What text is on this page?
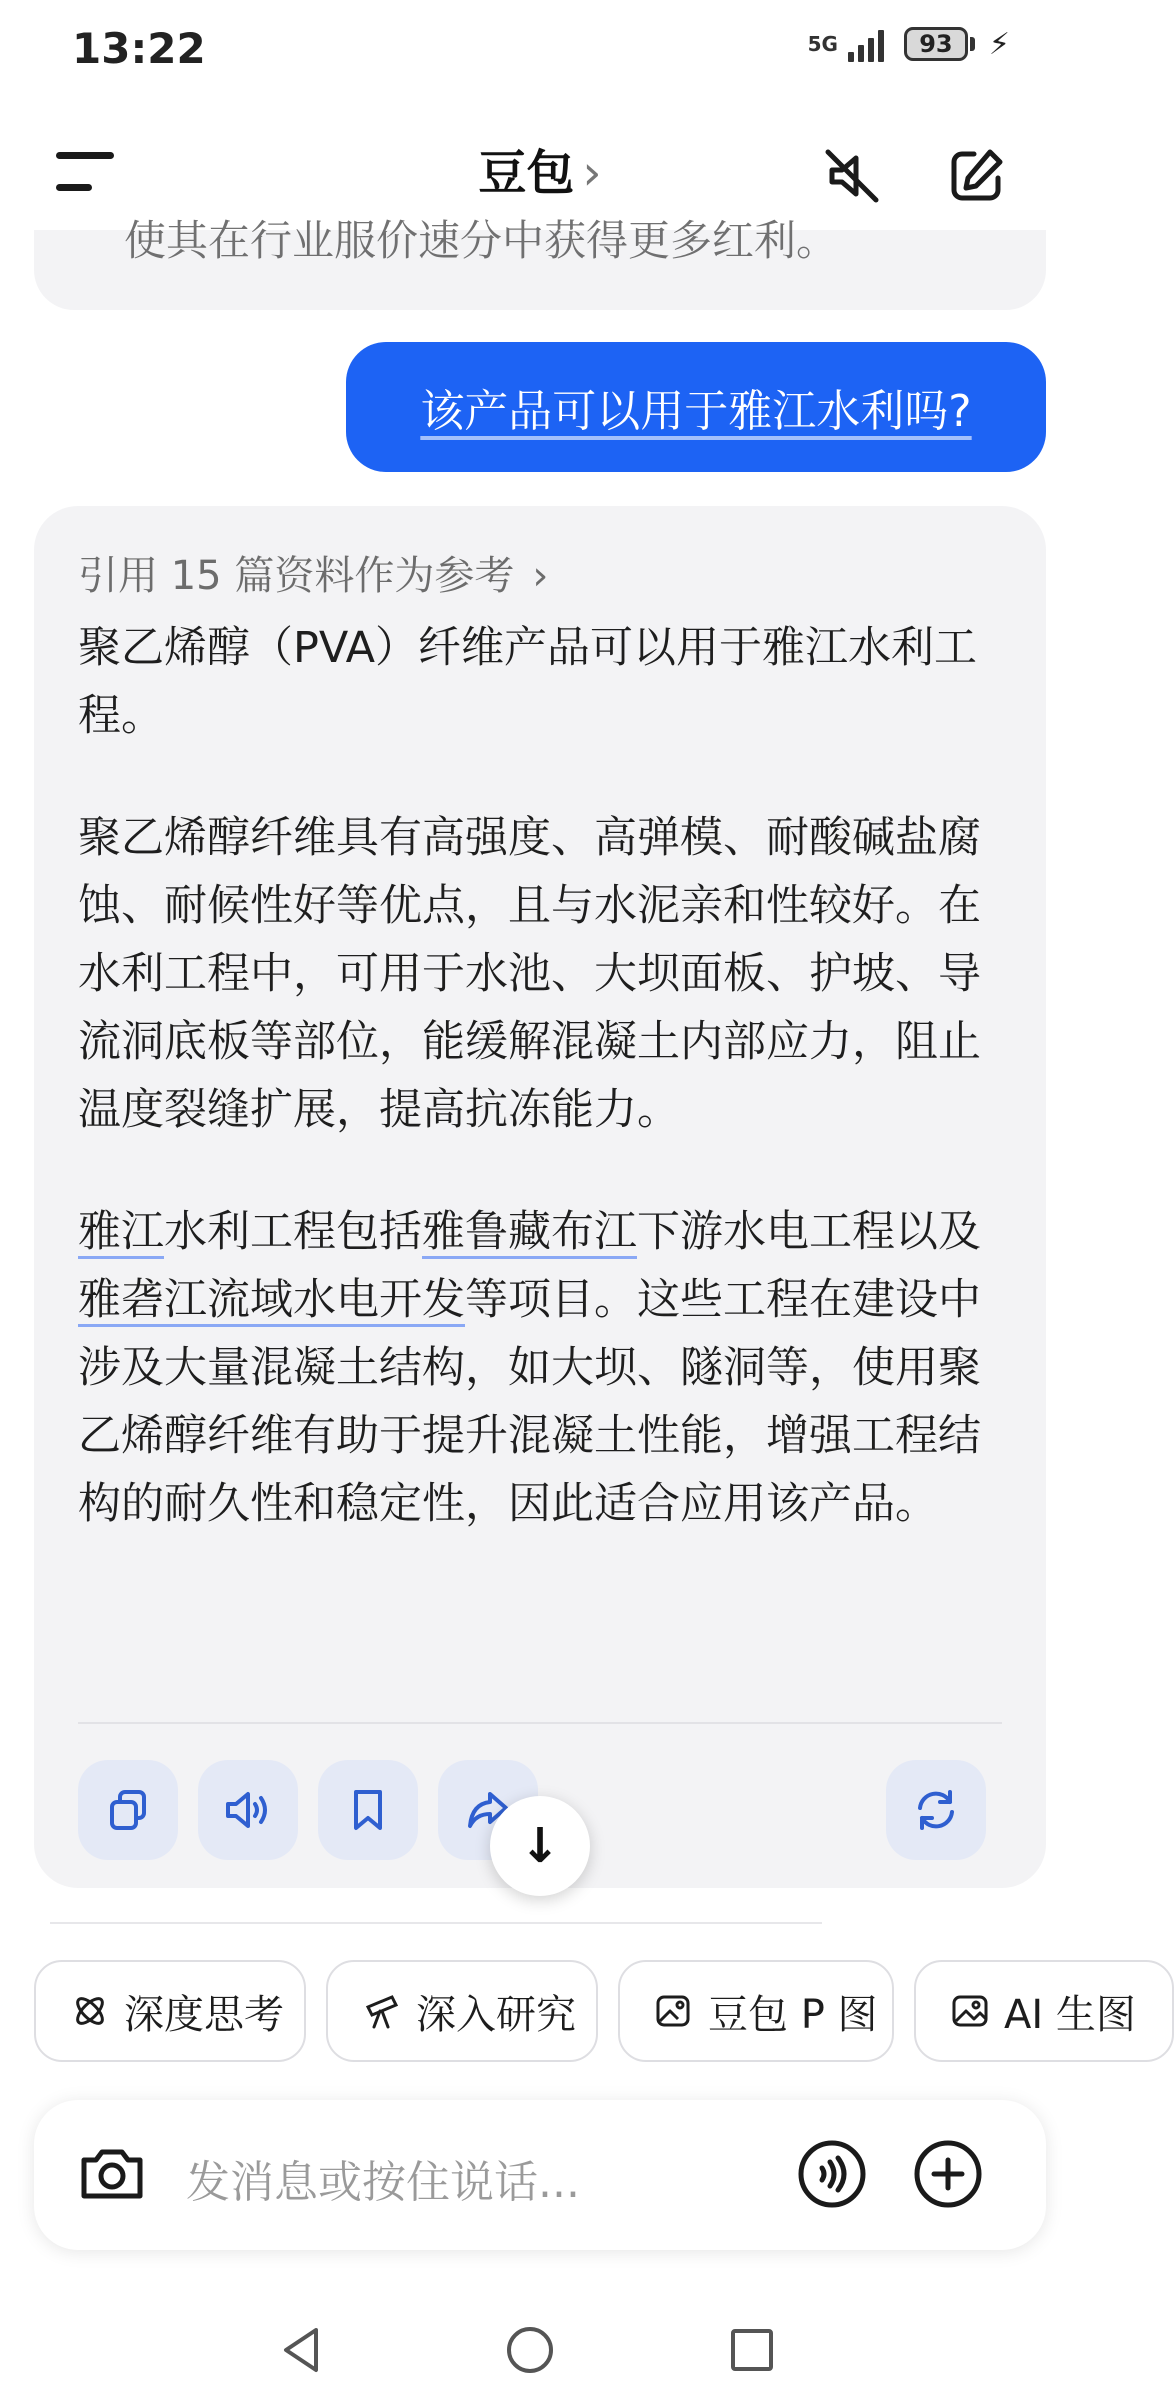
13:22	5G	93	⚡
豆包 ›
使其在行业服价速分中获得更多红利。
该产品可以用于雅江水利吗?
引用 15 篇资料作为参考 ›

聚乙烯醇（PVA）纤维产品可以用于雅江水利工程。

聚乙烯醇纤维具有高强度、高弹模、耐酸碱盐腐蚀、耐候性好等优点，且与水泥亲和性较好。在水利工程中，可用于水池、大坝面板、护坡、导流洞底板等部位，能缓解混凝土内部应力，阻止温度裂缝扩展，提高抗冻能力。

雅江水利工程包括雅鲁藏布江下游水电工程以及雅砻江流域水电开发等项目。这些工程在建设中涉及大量混凝土结构，如大坝、隧洞等，使用聚乙烯醇纤维有助于提升混凝土性能，增强工程结构的耐久性和稳定性，因此适合应用该产品。

↓
深度思考	深入研究	豆包 P 图	AI 生图
发消息或按住说话...
